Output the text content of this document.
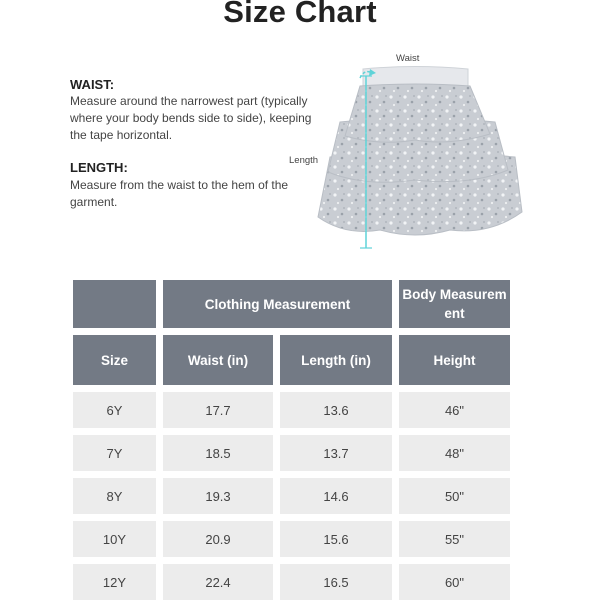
Size Chart
WAIST:
Measure around the narrowest part (typically where your body bends side to side), keeping the tape horizontal.
LENGTH:
Measure from the waist to the hem of the garment.
Waist
Length
Clothing Measurement
Body Measurem
ent
Size	Waist (in)	Length (in)	Height
6Y	17.7	13.6	46"
7Y	18.5	13.7	48"
8Y	19.3	14.6	50"
10Y	20.9	15.6	55"
12Y	22.4	16.5	60"
